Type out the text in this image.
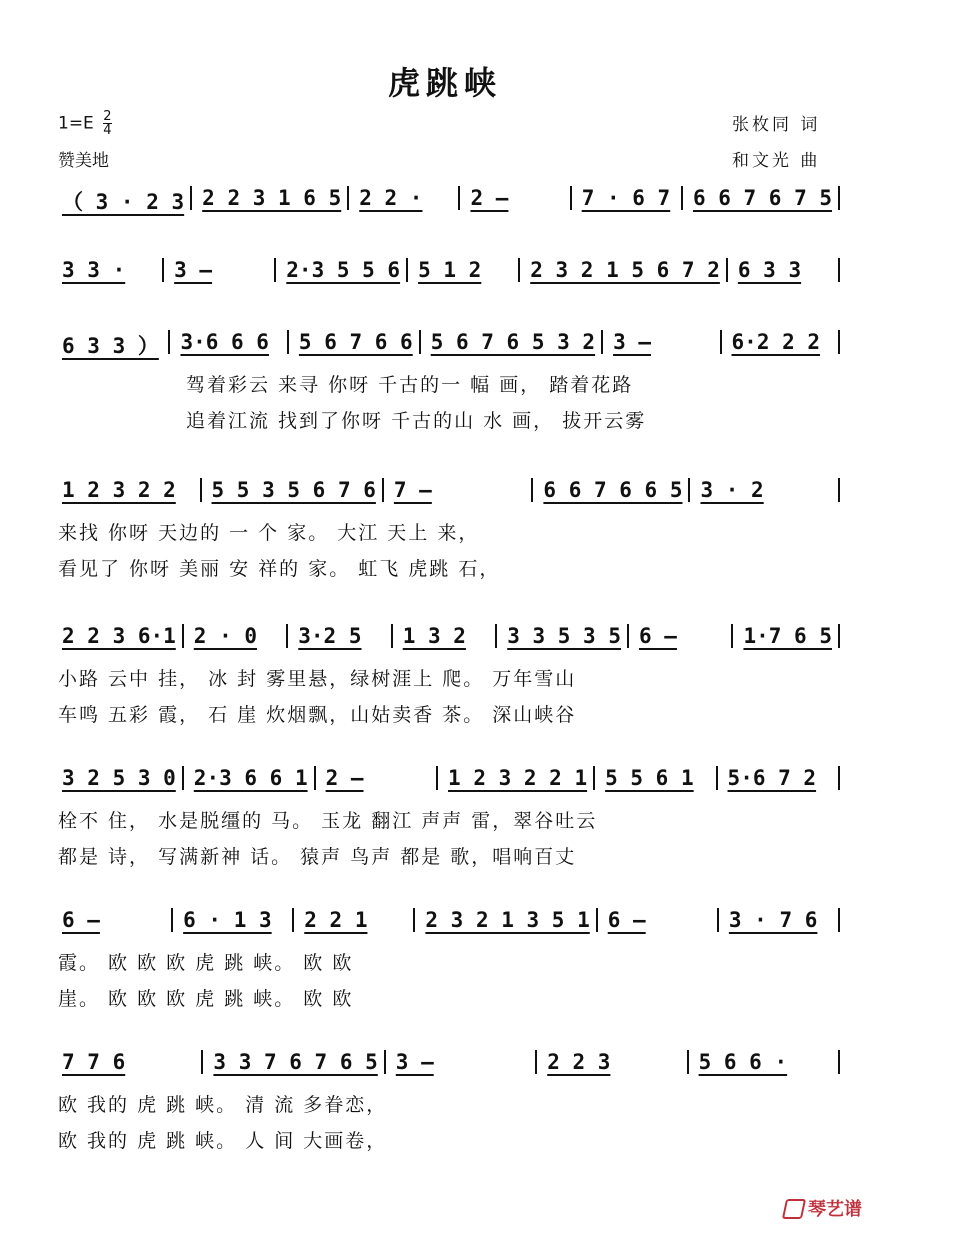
虎跳峡
$1=E \frac{2}{4}$
赞美地
张枚同 词
和文光 曲
（ 3 · 2 3 2 2 3 1 6 5 2 2 ·	2 –	7 · 6 7	6 6 7 6 7 5
3 3 ·	3 –	2·3 5 5 6 5 1 2	2 3 2 1 5 6 7 2 6 3 3
6 3 3 ）	3·6 6 6	5 6 7 6 6 5 6 7 6 5 3 2 3 –	6·2 2 2
驾着彩云 来寻 你呀 千古的一 幅 画， 踏着花路
追着江流 找到了你呀 千古的山 水 画， 拔开云雾
1 2 3 2 2	5 5 3 5 6 7 6 7 –	6 6 7 6 6 5 3 · 2
来找 你呀 天边的 一 个 家。 大江 天上 来，
看见了 你呀 美丽 安 祥的 家。 虹飞 虎跳 石，
2 2 3 6·1 2 · 0	3·2 5	1 3 2	3 3 5 3 5 6 –	1·7 6 5
小路 云中 挂， 冰 封 雾里悬，绿树涯上 爬。 万年雪山
车鸣 五彩 霞， 石 崖 炊烟飘，山姑卖香 茶。 深山峡谷
3 2 5 3 0 2·3 6 6 1 2 –	1 2 3 2 2 1 5 5 6 1	5·6 7 2
栓不 住， 水是脱缰的 马。 玉龙 翻江 声声 雷，翠谷吐云
都是 诗， 写满新神 话。 猿声 鸟声 都是 歌，唱响百丈
6 –	6 · 1 3	2 2 1	2 3 2 1 3 5 1 6 –	3 · 7 6
霞。 欧 欧 欧 虎 跳 峡。 欧 欧
崖。 欧 欧 欧 虎 跳 峡。 欧 欧
7 7 6	3 3 7 6 7 6 5 3 –	2 2 3	5 6 6 ·
欧 我的 虎 跳 峡。 清 流 多眷恋，
欧 我的 虎 跳 峡。 人 间 大画卷，
琴艺谱
